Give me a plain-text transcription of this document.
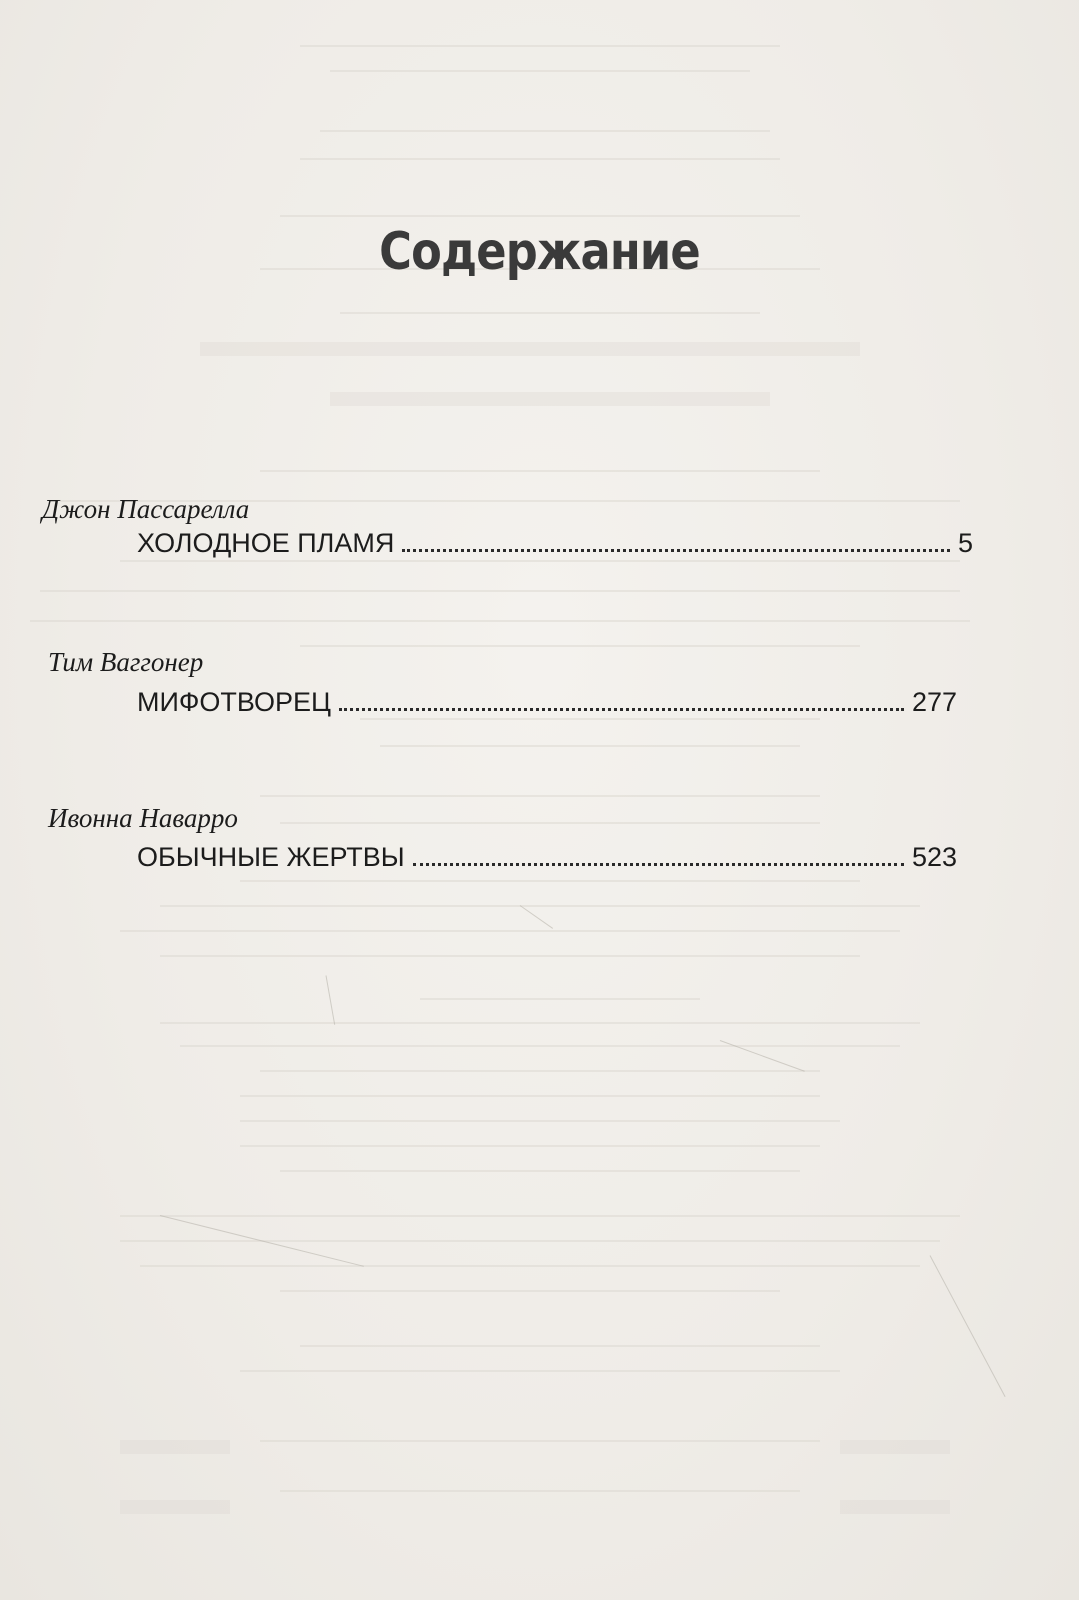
Содержание
Джон Пассарелла
ХОЛОДНОЕ ПЛАМЯ	5
Тим Ваггонер
МИФОТВОРЕЦ	277
Ивонна Наварро
ОБЫЧНЫЕ ЖЕРТВЫ	523
